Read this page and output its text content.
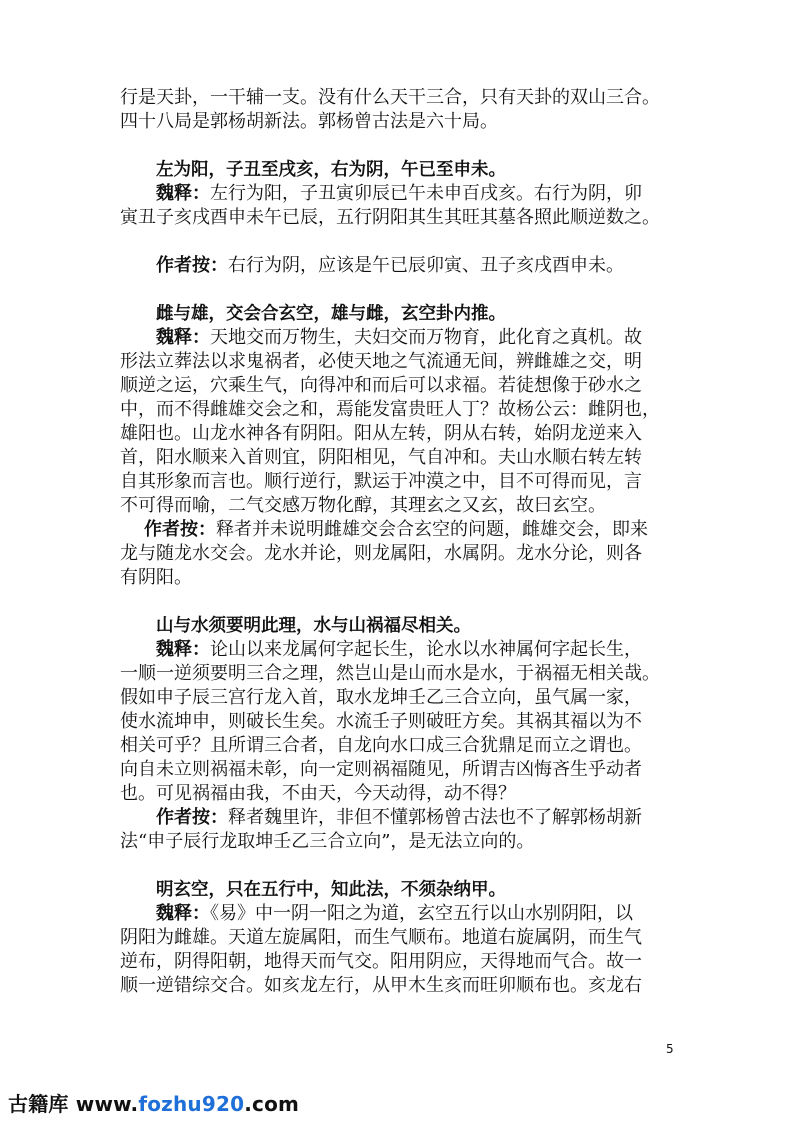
行是天卦，一干辅一支。没有什么天干三合，只有天卦的双山三合。
四十八局是郭杨胡新法。郭杨曾古法是六十局。
左为阳，子丑至戌亥，右为阴，午已至申未。
魏释：左行为阳，子丑寅卯辰已午未申百戌亥。右行为阴，卯
寅丑子亥戌酉申未午已辰，五行阴阳其生其旺其墓各照此顺逆数之。
作者按：右行为阴，应该是午已辰卯寅、丑子亥戌酉申未。
雌与雄，交会合玄空，雄与雌，玄空卦内推。
魏释：天地交而万物生，夫妇交而万物育，此化育之真机。故
形法立葬法以求鬼祸者，必使天地之气流通无间，辨雌雄之交，明
顺逆之运，穴乘生气，向得冲和而后可以求福。若徒想像于砂水之
中，而不得雌雄交会之和，焉能发富贵旺人丁？故杨公云：雌阴也，
雄阳也。山龙水神各有阴阳。阳从左转，阴从右转，始阴龙逆来入
首，阳水顺来入首则宜，阴阳相见，气自冲和。夫山水顺右转左转
自其形象而言也。顺行逆行，默运于冲漠之中，目不可得而见，言
不可得而喻，二气交感万物化醇，其理玄之又玄，故曰玄空。
作者按：释者并未说明雌雄交会合玄空的问题，雌雄交会，即来
龙与随龙水交会。龙水并论，则龙属阳，水属阴。龙水分论，则各
有阴阳。
山与水须要明此理，水与山祸福尽相关。
魏释：论山以来龙属何字起长生，论水以水神属何字起长生，
一顺一逆须要明三合之理，然岂山是山而水是水，于祸福无相关哉。
假如申子辰三宫行龙入首，取水龙坤壬乙三合立向，虽气属一家，
使水流坤申，则破长生矣。水流壬子则破旺方矣。其祸其福以为不
相关可乎？且所谓三合者，自龙向水口成三合犹鼎足而立之谓也。
向自未立则祸福未彰，向一定则祸福随见，所谓吉凶悔吝生乎动者
也。可见祸福由我，不由天，今天动得，动不得？
作者按：释者魏里许，非但不懂郭杨曾古法也不了解郭杨胡新
法“申子辰行龙取坤壬乙三合立向”，是无法立向的。
明玄空，只在五行中，知此法，不须杂纳甲。
魏释：《易》中一阴一阳之为道，玄空五行以山水别阴阳，以
阴阳为雌雄。天道左旋属阳，而生气顺布。地道右旋属阴，而生气
逆布，阴得阳朝，地得天而气交。阳用阴应，天得地而气合。故一
顺一逆错综交合。如亥龙左行，从甲木生亥而旺卯顺布也。亥龙右
5
古籍库 www.fozhu920.com
